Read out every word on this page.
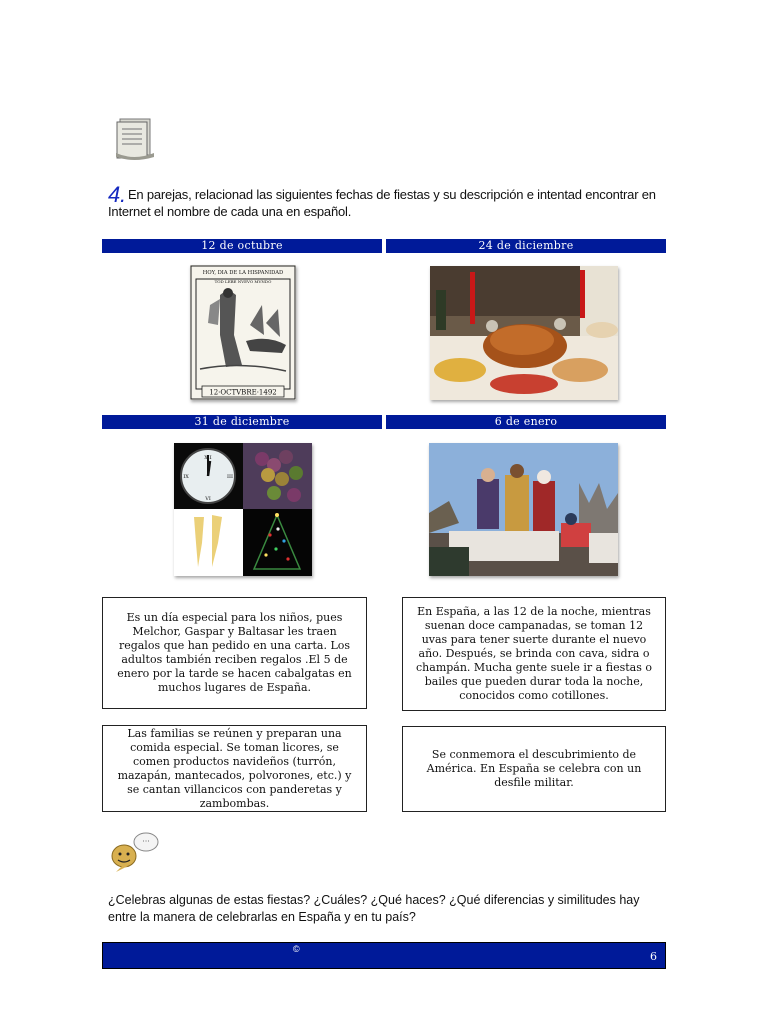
4. En parejas, relacionad las siguientes fechas de fiestas y su descripción e intentad encontrar en Internet el nombre de cada una en español.
12 de octubre	24 de diciembre
31 de diciembre	6 de enero
HOY, DIA DE LA HISPANIDAD
TOD LEBE NVEVO MVNDO
12·OCTVBRE·1492
XII
III
VI
IX
Es un día especial para los niños, pues Melchor, Gaspar y Baltasar les traen regalos que han pedido en una carta. Los adultos también reciben regalos .El 5 de enero por la tarde se hacen cabalgatas en muchos lugares de España.
En España, a las 12 de la noche, mientras suenan doce campanadas, se toman 12 uvas para tener suerte durante el nuevo año. Después, se brinda con cava, sidra o champán. Mucha gente suele ir a fiestas o bailes que pueden durar toda la noche, conocidos como cotillones.
Las familias se reúnen y preparan una comida especial. Se toman licores, se comen productos navideños (turrón, mazapán, mantecados, polvorones, etc.) y se cantan villancicos con panderetas y zambombas.
Se conmemora el descubrimiento de América. En España se celebra con un desfile militar.
···
¿Celebras algunas de estas fiestas? ¿Cuáles? ¿Qué haces? ¿Qué diferencias y similitudes hay entre la manera de celebrarlas en España y en tu país?
©
6
